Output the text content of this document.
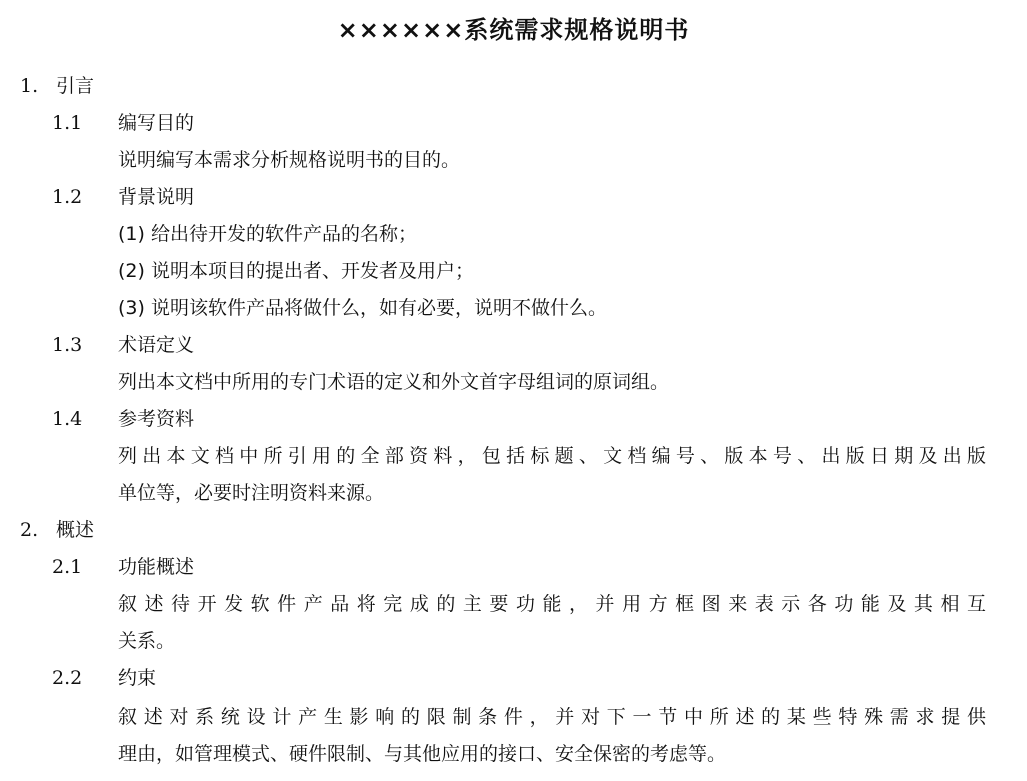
××××××系统需求规格说明书
1. 引言
1.1 编写目的
说明编写本需求分析规格说明书的目的。
1.2 背景说明
(1) 给出待开发的软件产品的名称；
(2) 说明本项目的提出者、开发者及用户；
(3) 说明该软件产品将做什么，如有必要，说明不做什么。
1.3 术语定义
列出本文档中所用的专门术语的定义和外文首字母组词的原词组。
1.4 参考资料
列出本文档中所引用的全部资料，包括标题、文档编号、版本号、出版日期及出版
单位等，必要时注明资料来源。
2. 概述
2.1 功能概述
叙述待开发软件产品将完成的主要功能，并用方框图来表示各功能及其相互
关系。
2.2 约束
叙述对系统设计产生影响的限制条件，并对下一节中所述的某些特殊需求提供
理由，如管理模式、硬件限制、与其他应用的接口、安全保密的考虑等。
